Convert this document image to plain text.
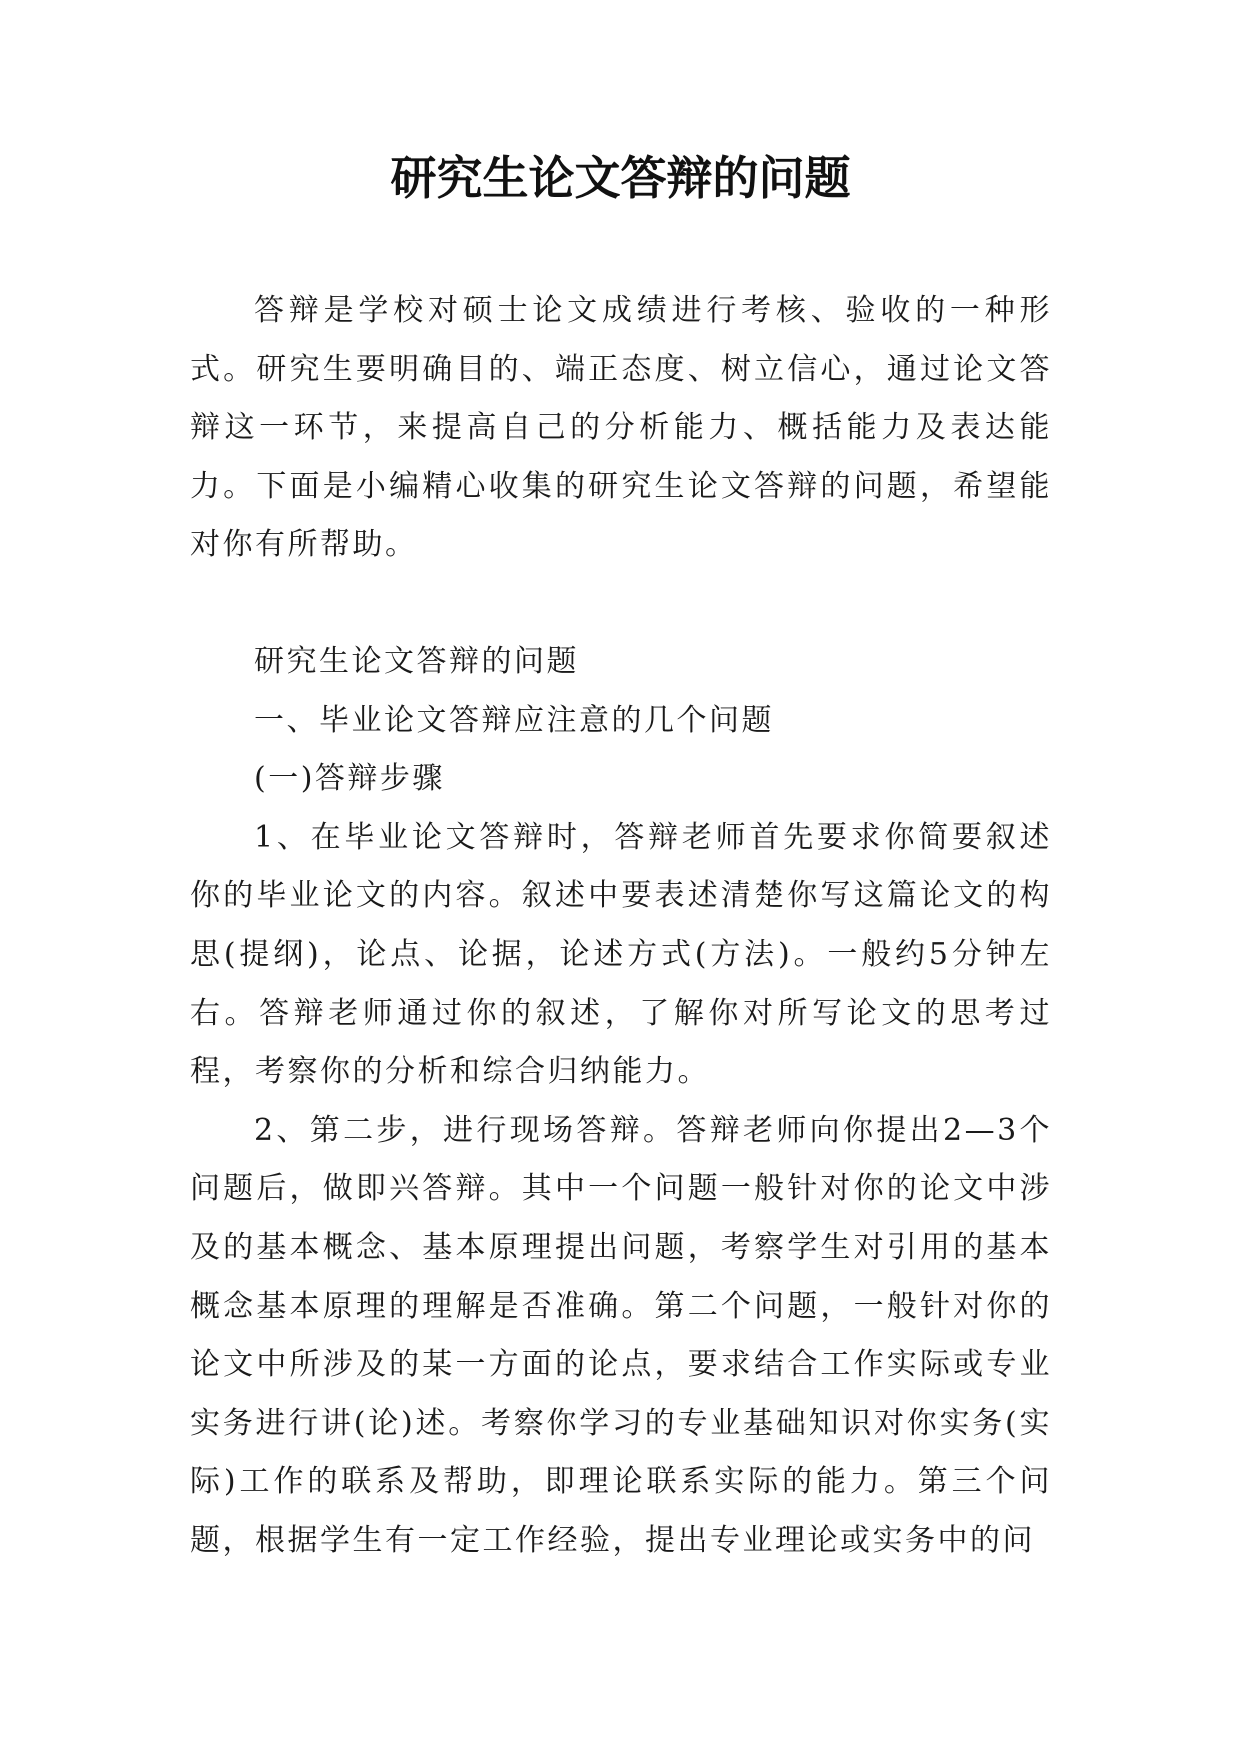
研究生论文答辩的问题

答辩是学校对硕士论文成绩进行考核、验收的一种形式。研究生要明确目的、端正态度、树立信心，通过论文答辩这一环节，来提高自己的分析能力、概括能力及表达能力。下面是小编精心收集的研究生论文答辩的问题，希望能对你有所帮助。

研究生论文答辩的问题

一、毕业论文答辩应注意的几个问题

(一)答辩步骤

1、在毕业论文答辩时，答辩老师首先要求你简要叙述你的毕业论文的内容。叙述中要表述清楚你写这篇论文的构思(提纲)，论点、论据，论述方式(方法)。一般约5分钟左右。答辩老师通过你的叙述，了解你对所写论文的思考过程，考察你的分析和综合归纳能力。

2、第二步，进行现场答辩。答辩老师向你提出2—3个问题后，做即兴答辩。其中一个问题一般针对你的论文中涉及的基本概念、基本原理提出问题，考察学生对引用的基本概念基本原理的理解是否准确。第二个问题，一般针对你的论文中所涉及的某一方面的论点，要求结合工作实际或专业实务进行讲(论)述。考察你学习的专业基础知识对你实务(实际)工作的联系及帮助，即理论联系实际的能力。第三个问题，根据学生有一定工作经验，提出专业理论或实务中的问
